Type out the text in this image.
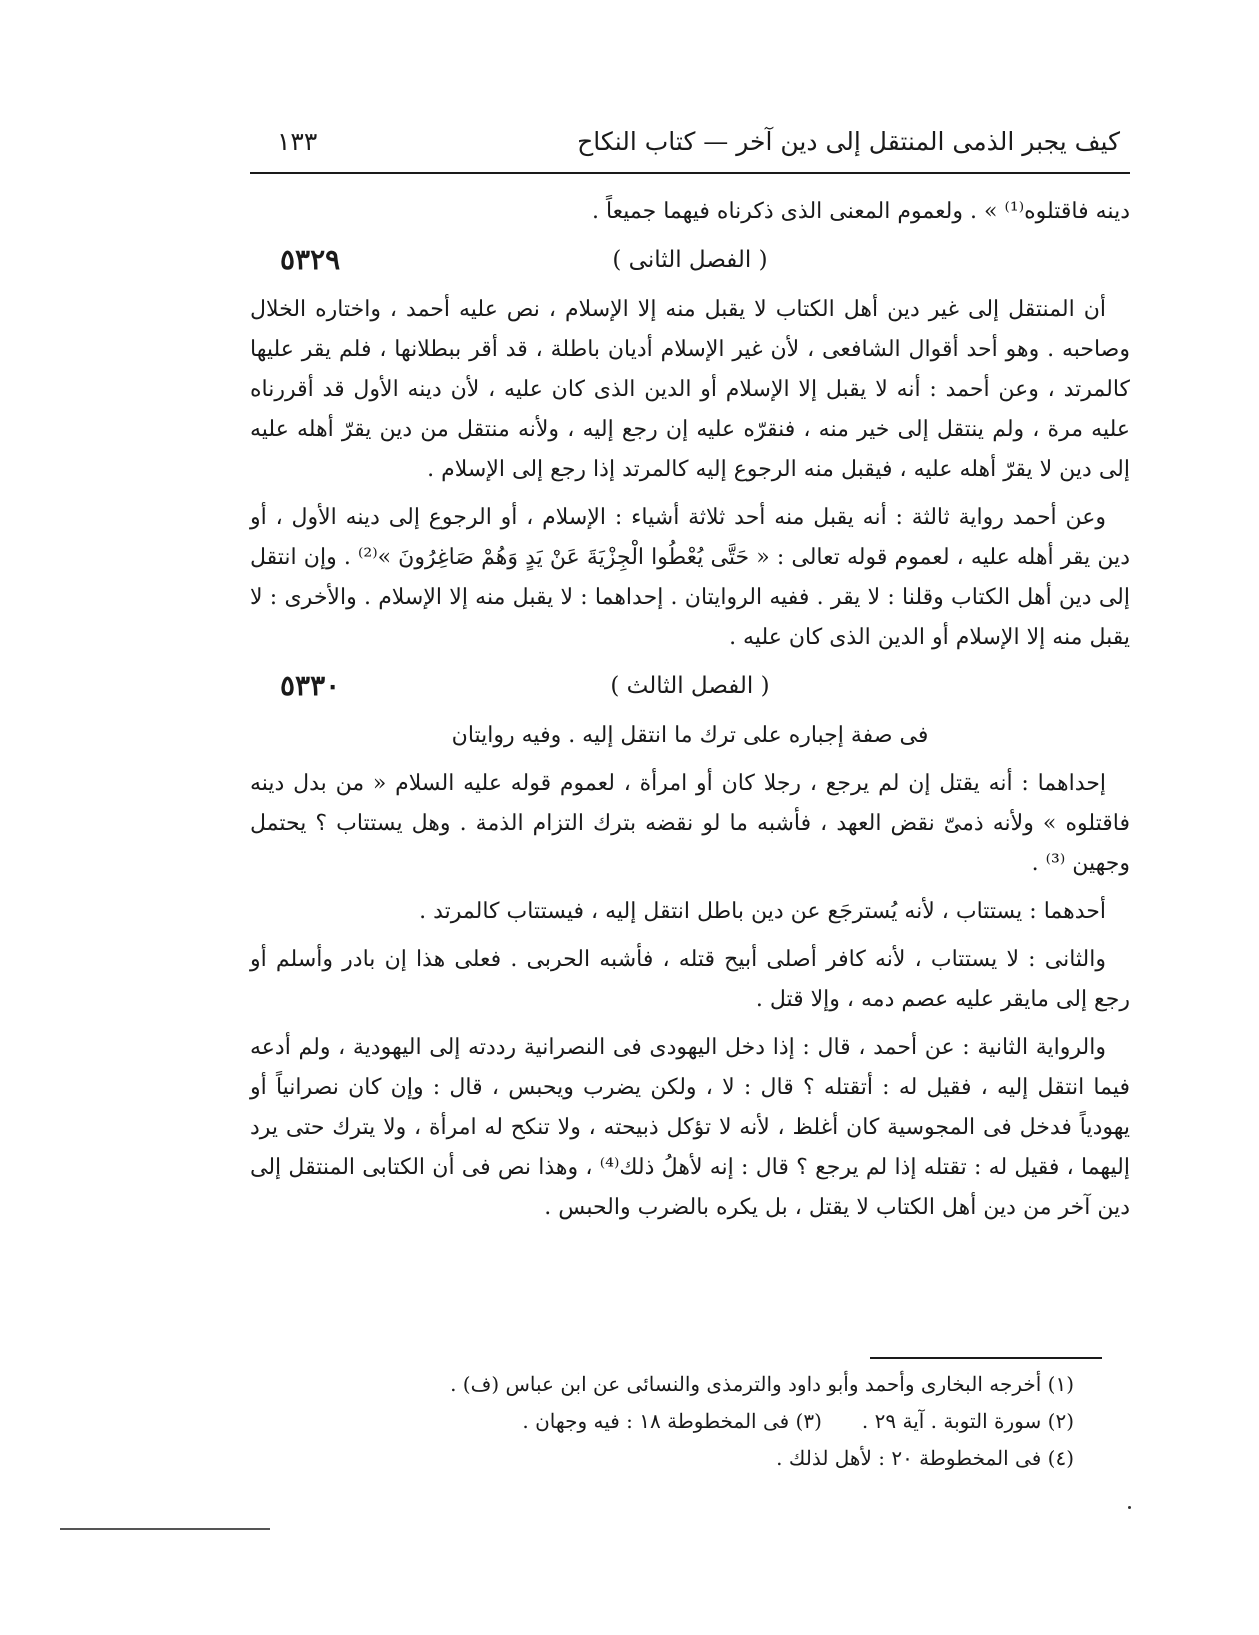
كيف يجبر الذمى المنتقل إلى دين آخر — كتاب النكاح
١٣٣

دينه فاقتلوه⁽¹⁾ » . ولعموم المعنى الذى ذكرناه فيهما جميعاً .

٥٣٢٩	( الفصل الثانى )

أن المنتقل إلى غير دين أهل الكتاب لا يقبل منه إلا الإسلام ، نص عليه أحمد ، واختاره الخلال وصاحبه . وهو أحد أقوال الشافعى ، لأن غير الإسلام أديان باطلة ، قد أقر ببطلانها ، فلم يقر عليها كالمرتد ، وعن أحمد : أنه لا يقبل إلا الإسلام أو الدين الذى كان عليه ، لأن دينه الأول قد أقررناه عليه مرة ، ولم ينتقل إلى خير منه ، فنقرّه عليه إن رجع إليه ، ولأنه منتقل من دين يقرّ أهله عليه إلى دين لا يقرّ أهله عليه ، فيقبل منه الرجوع إليه كالمرتد إذا رجع إلى الإسلام .

وعن أحمد رواية ثالثة : أنه يقبل منه أحد ثلاثة أشياء : الإسلام ، أو الرجوع إلى دينه الأول ، أو دين يقر أهله عليه ، لعموم قوله تعالى : « حَتَّى يُعْطُوا الْجِزْيَةَ عَنْ يَدٍ وَهُمْ صَاغِرُونَ »⁽²⁾ . وإن انتقل إلى دين أهل الكتاب وقلنا : لا يقر . ففيه الروايتان . إحداهما : لا يقبل منه إلا الإسلام . والأخرى : لا يقبل منه إلا الإسلام أو الدين الذى كان عليه .

٥٣٣٠	( الفصل الثالث )

فى صفة إجباره على ترك ما انتقل إليه . وفيه روايتان

إحداهما : أنه يقتل إن لم يرجع ، رجلا كان أو امرأة ، لعموم قوله عليه السلام « من بدل دينه فاقتلوه » ولأنه ذمىّ نقض العهد ، فأشبه ما لو نقضه بترك التزام الذمة . وهل يستتاب ؟ يحتمل وجهين ⁽³⁾ .

أحدهما : يستتاب ، لأنه يُسترجَع عن دين باطل انتقل إليه ، فيستتاب كالمرتد .

والثانى : لا يستتاب ، لأنه كافر أصلى أبيح قتله ، فأشبه الحربى . فعلى هذا إن بادر وأسلم أو رجع إلى مايقر عليه عصم دمه ، وإلا قتل .

والرواية الثانية : عن أحمد ، قال : إذا دخل اليهودى فى النصرانية رددته إلى اليهودية ، ولم أدعه فيما انتقل إليه ، فقيل له : أتقتله ؟ قال : لا ، ولكن يضرب ويحبس ، قال : وإن كان نصرانياً أو يهودياً فدخل فى المجوسية كان أغلظ ، لأنه لا تؤكل ذبيحته ، ولا تنكح له امرأة ، ولا يترك حتى يرد إليهما ، فقيل له : تقتله إذا لم يرجع ؟ قال : إنه لأهلُ ذلك⁽⁴⁾ ، وهذا نص فى أن الكتابى المنتقل إلى دين آخر من دين أهل الكتاب لا يقتل ، بل يكره بالضرب والحبس .

(١) أخرجه البخارى وأحمد وأبو داود والترمذى والنسائى عن ابن عباس (ف) .
(٢) سورة التوبة . آية ٢٩ .
(٣) فى المخطوطة ١٨ : فيه وجهان .
(٤) فى المخطوطة ٢٠ : لأهل لذلك .
